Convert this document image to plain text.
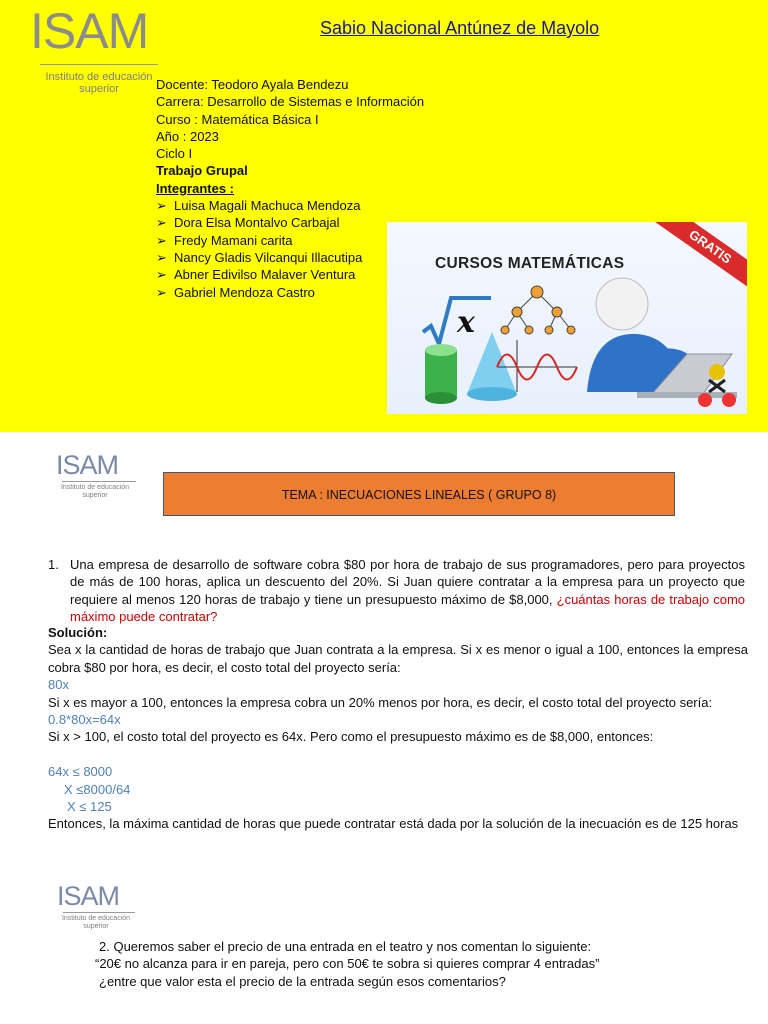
ISAM
Instituto de educación
superior
Sabio Nacional Antúnez de Mayolo
Docente: Teodoro Ayala Bendezu
Carrera: Desarrollo de Sistemas e Información
Curso : Matemática Básica I
Año : 2023
Ciclo I
Trabajo Grupal
Integrantes :
➢ Luisa Magali Machuca Mendoza
➢ Dora Elsa Montalvo Carbajal
➢ Fredy Mamani carita
➢ Nancy Gladis Vilcanqui Illacutipa
➢ Abner Edivilso Malaver Ventura
➢ Gabriel Mendoza Castro
CURSOS MATEMÁTICAS	GRATIS
x
ISAM
Instituto de educación
superior	TEMA : INECUACIONES LINEALES ( GRUPO 8)
1. Una empresa de desarrollo de software cobra $80 por hora de trabajo de sus programadores, pero para proyectos de más de 100 horas, aplica un descuento del 20%. Si Juan quiere contratar a la empresa para un proyecto que requiere al menos 120 horas de trabajo y tiene un presupuesto máximo de $8,000, ¿cuántas horas de trabajo como máximo puede contratar?
Solución:
Sea x la cantidad de horas de trabajo que Juan contrata a la empresa. Si x es menor o igual a 100, entonces la empresa cobra $80 por hora, es decir, el costo total del proyecto sería:
80x
Si x es mayor a 100, entonces la empresa cobra un 20% menos por hora, es decir, el costo total del proyecto sería:
0.8*80x=64x
Si x > 100, el costo total del proyecto es 64x. Pero como el presupuesto máximo es de $8,000, entonces:
64x ≤ 8000
X ≤8000/64
X ≤ 125
Entonces, la máxima cantidad de horas que puede contratar está dada por la solución de la inecuación es de 125 horas
ISAM
Instituto de educación
superior
2. Queremos saber el precio de una entrada en el teatro y nos comentan lo siguiente:
“20€ no alcanza para ir en pareja, pero con 50€ te sobra si quieres comprar 4 entradas”
¿entre que valor esta el precio de la entrada según esos comentarios?
